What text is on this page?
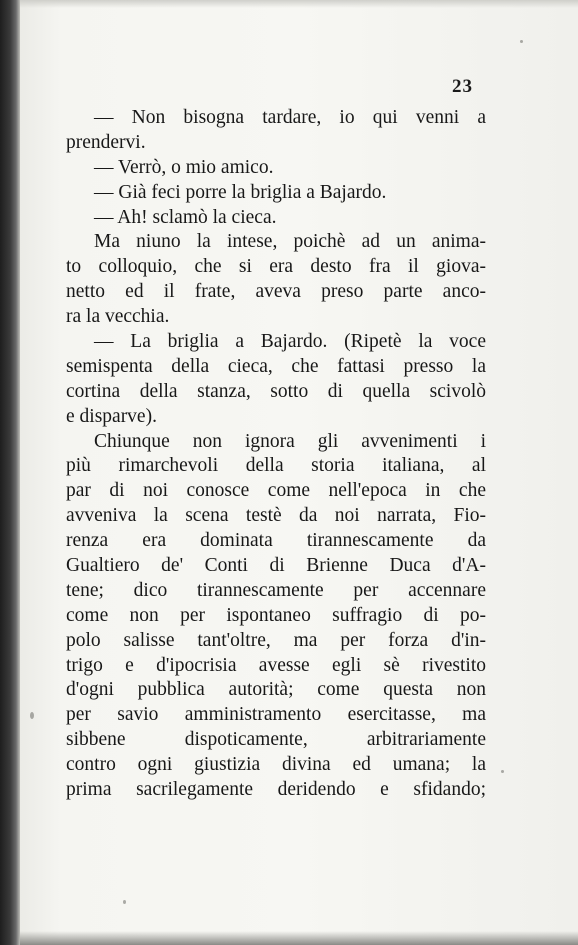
23
— Non bisogna tardare, io qui venni a
prendervi.
— Verrò, o mio amico.
— Già feci porre la briglia a Bajardo.
— Ah! sclamò la cieca.
Ma niuno la intese, poichè ad un anima-
to colloquio, che si era desto fra il giova-
netto ed il frate, aveva preso parte anco-
ra la vecchia.
— La briglia a Bajardo. (Ripetè la voce
semispenta della cieca, che fattasi presso la
cortina della stanza, sotto di quella scivolò
e disparve).
Chiunque non ignora gli avvenimenti i
più rimarchevoli della storia italiana, al
par di noi conosce come nell'epoca in che
avveniva la scena testè da noi narrata, Fio-
renza era dominata tirannescamente da
Gualtiero de' Conti di Brienne Duca d'A-
tene; dico tirannescamente per accennare
come non per ispontaneo suffragio di po-
polo salisse tant'oltre, ma per forza d'in-
trigo e d'ipocrisia avesse egli sè rivestito
d'ogni pubblica autorità; come questa non
per savio amministramento esercitasse, ma
sibbene dispoticamente, arbitrariamente
contro ogni giustizia divina ed umana; la
prima sacrilegamente deridendo e sfidando;
